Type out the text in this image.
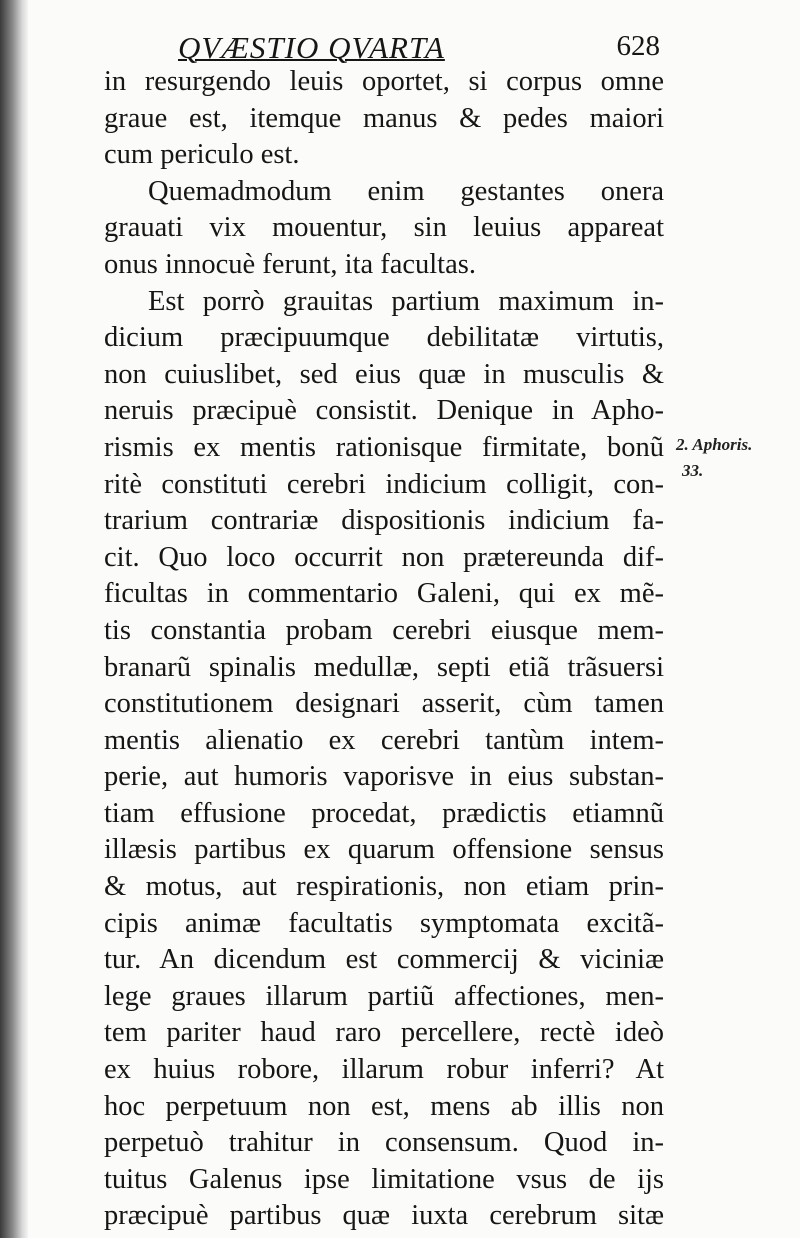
QVÆSTIO QVARTA	628
in resurgendo leuis oportet, si corpus omne
graue est, itemque manus & pedes maiori
cum periculo est.
Quemadmodum enim gestantes onera
grauati vix mouentur, sin leuius appareat
onus innocuè ferunt, ita facultas.
Est porrò grauitas partium maximum in-
dicium præcipuumque debilitatæ virtutis,
non cuiuslibet, sed eius quæ in musculis &
neruis præcipuè consistit. Denique in Apho-
rismis ex mentis rationisque firmitate, bonũ
ritè constituti cerebri indicium colligit, con-
trarium contrariæ dispositionis indicium fa-
cit. Quo loco occurrit non prætereunda dif-
ficultas in commentario Galeni, qui ex mẽ-
tis constantia probam cerebri eiusque mem-
branarũ spinalis medullæ, septi etiã trãsuersi
constitutionem designari asserit, cùm tamen
mentis alienatio ex cerebri tantùm intem-
perie, aut humoris vaporisve in eius substan-
tiam effusione procedat, prædictis etiamnũ
illæsis partibus ex quarum offensione sensus
& motus, aut respirationis, non etiam prin-
cipis animæ facultatis symptomata excitã-
tur. An dicendum est commercij & viciniæ
lege graues illarum partiũ affectiones, men-
tem pariter haud raro percellere, rectè ideò
ex huius robore, illarum robur inferri? At
hoc perpetuum non est, mens ab illis non
perpetuò trahitur in consensum. Quod in-
tuitus Galenus ipse limitatione vsus de ijs
præcipuè partibus quæ iuxta cerebrum sitæ
2. Aphoris.
33.
